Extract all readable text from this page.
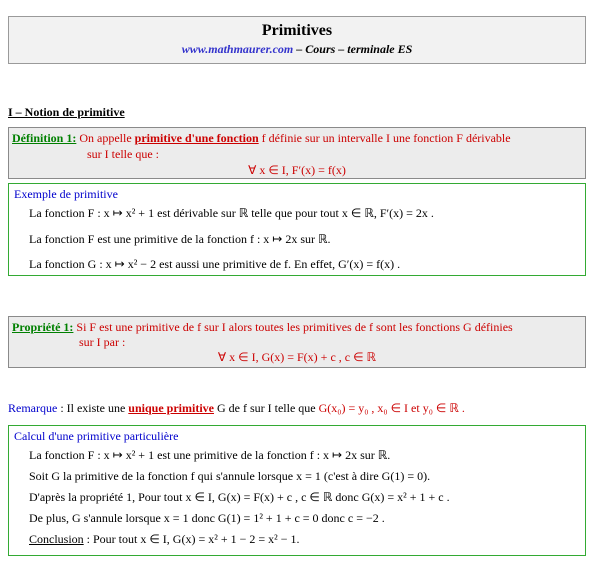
Primitives
www.mathmaurer.com – Cours – terminale ES
I – Notion de primitive
Définition 1: On appelle primitive d'une fonction f définie sur un intervalle I une fonction F dérivable
sur I telle que :
∀ x ∈ I, F′(x) = f(x)
Exemple de primitive
La fonction F : x ↦ x² + 1 est dérivable sur ℝ telle que pour tout x ∈ ℝ, F′(x) = 2x .
La fonction F est une primitive de la fonction f : x ↦ 2x sur ℝ.
La fonction G : x ↦ x² − 2 est aussi une primitive de f. En effet, G′(x) = f(x) .
Propriété 1: Si F est une primitive de f sur I alors toutes les primitives de f sont les fonctions G définies
sur I par :
∀ x ∈ I, G(x) = F(x) + c , c ∈ ℝ
Remarque : Il existe une unique primitive G de f sur I telle que G(x₀) = y₀ , x₀ ∈ I et y₀ ∈ ℝ .
Calcul d'une primitive particulière
La fonction F : x ↦ x² + 1 est une primitive de la fonction f : x ↦ 2x sur ℝ.
Soit G la primitive de la fonction f qui s'annule lorsque x = 1 (c'est à dire G(1) = 0).
D'après la propriété 1, Pour tout x ∈ I, G(x) = F(x) + c , c ∈ ℝ donc G(x) = x² + 1 + c .
De plus, G s'annule lorsque x = 1 donc G(1) = 1² + 1 + c = 0 donc c = −2 .
Conclusion : Pour tout x ∈ I, G(x) = x² + 1 − 2 = x² − 1.
